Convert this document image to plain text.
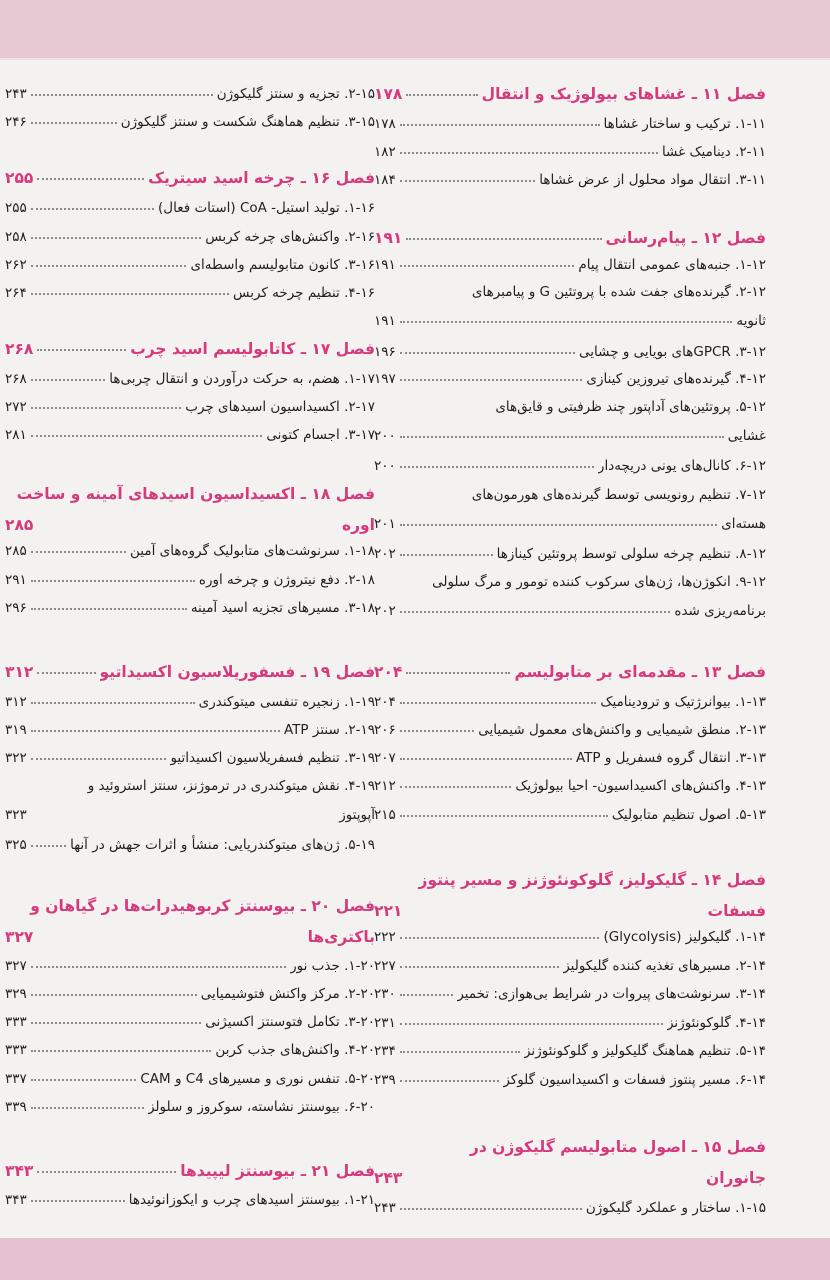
فصل ۱۱ ـ غشاهای بیولوژیک و انتقال
۱۷۸
۱-۱۱. ترکیب و ساختار غشاها
۱۷۸
۲-۱۱. دینامیک غشا
۱۸۲
۳-۱۱. انتقال مواد محلول از عرض غشاها
۱۸۴
فصل ۱۲ ـ پیام‌رسانی
۱۹۱
۱-۱۲. جنبه‌های عمومی انتقال پیام
۱۹۱
۲-۱۲. گیرنده‌های جفت شده با پروتئین G و پیامبرهای
ثانویه
۱۹۱
۳-۱۲. GPCRهای بویایی و چشایی
۱۹۶
۴-۱۲. گیرنده‌های تیروزین کینازی
۱۹۷
۵-۱۲. پروتئین‌های آداپتور چند ظرفیتی و قایق‌های
غشایی
۲۰۰
۶-۱۲. کانال‌های یونی دریچه‌دار
۲۰۰
۷-۱۲. تنظیم رونویسی توسط گیرنده‌های هورمون‌های
هسته‌ای
۲۰۱
۸-۱۲. تنظیم چرخه سلولی توسط پروتئین کینازها
۲۰۲
۹-۱۲. انکوژن‌ها، ژن‌های سرکوب کننده تومور و مرگ سلولی
برنامه‌ریزی شده
۲۰۲
فصل ۱۳ ـ مقدمه‌ای بر متابولیسم
۲۰۴
۱-۱۳. بیوانرژتیک و ترودینامیک
۲۰۴
۲-۱۳. منطق شیمیایی و واکنش‌های معمول شیمیایی
۲۰۶
۳-۱۳. انتقال گروه فسفریل و ATP
۲۰۷
۴-۱۳. واکنش‌های اکسیداسیون- احیا بیولوژیک
۲۱۲
۵-۱۳. اصول تنظیم متابولیک
۲۱۵
فصل ۱۴ ـ گلیکولیز، گلوکونئوژنز و مسیر پنتوز
فسفات
۲۲۱
۱-۱۴. گلیکولیز (Glycolysis)
۲۲۲
۲-۱۴. مسیرهای تغذیه کننده گلیکولیز
۲۲۷
۳-۱۴. سرنوشت‌های پیروات در شرایط بی‌هوازی: تخمیر
۲۳۰
۴-۱۴. گلوکونئوژنز
۲۳۱
۵-۱۴. تنظیم هماهنگ گلیکولیز و گلوکونئوژنز
۲۳۴
۶-۱۴. مسیر پنتوز فسفات و اکسیداسیون گلوکز
۲۳۹
فصل ۱۵ ـ اصول متابولیسم گلیکوژن در
جانوران
۲۴۳
۱-۱۵. ساختار و عملکرد گلیکوژن
۲۴۳
۲-۱۵. تجزیه و سنتز گلیکوژن
۲۴۳
۳-۱۵. تنظیم هماهنگ شکست و سنتز گلیکوژن
۲۴۶
فصل ۱۶ ـ چرخه اسید سیتریک
۲۵۵
۱-۱۶. تولید استیل- CoA (استات فعال)
۲۵۵
۲-۱۶. واکنش‌های چرخه کربس
۲۵۸
۳-۱۶. کانون متابولیسم واسطه‌ای
۲۶۲
۴-۱۶. تنظیم چرخه کربس
۲۶۴
فصل ۱۷ ـ کاتابولیسم اسید چرب
۲۶۸
۱-۱۷. هضم، به حرکت درآوردن و انتقال چربی‌ها
۲۶۸
۲-۱۷. اکسیداسیون اسیدهای چرب
۲۷۲
۳-۱۷. اجسام کتونی
۲۸۱
فصل ۱۸ ـ اکسیداسیون اسیدهای آمینه و ساخت
اوره
۲۸۵
۱-۱۸. سرنوشت‌های متابولیک گروه‌های آمین
۲۸۵
۲-۱۸. دفع نیتروژن و چرخه اوره
۲۹۱
۳-۱۸. مسیرهای تجزیه اسید آمینه
۲۹۶
فصل ۱۹ ـ فسفوریلاسیون اکسیداتیو
۳۱۲
۱-۱۹. زنجیره تنفسی میتوکندری
۳۱۲
۲-۱۹. سنتز ATP
۳۱۹
۳-۱۹. تنظیم فسفریلاسیون اکسیداتیو
۳۲۲
۴-۱۹. نقش میتوکندری در ترموژنز، سنتز استروئید و
آپوپتوز
۳۲۳
۵-۱۹. ژن‌های میتوکندریایی: منشأ و اثرات جهش در آنها
۳۲۵
فصل ۲۰ ـ بیوسنتز کربوهیدرات‌ها در گیاهان و
باکتری‌ها
۳۲۷
۱-۲۰. جذب نور
۳۲۷
۲-۲۰. مرکز واکنش فتوشیمیایی
۳۲۹
۳-۲۰. تکامل فتوسنتز اکسیژنی
۳۳۳
۴-۲۰. واکنش‌های جذب کربن
۳۳۳
۵-۲۰. تنفس نوری و مسیرهای C4 و CAM
۳۳۷
۶-۲۰. بیوسنتز نشاسته، سوکروز و سلولز
۳۳۹
فصل ۲۱ ـ بیوسنتز لیپیدها
۳۴۳
۱-۲۱. بیوسنتز اسیدهای چرب و ایکوزانوئیدها
۳۴۳
